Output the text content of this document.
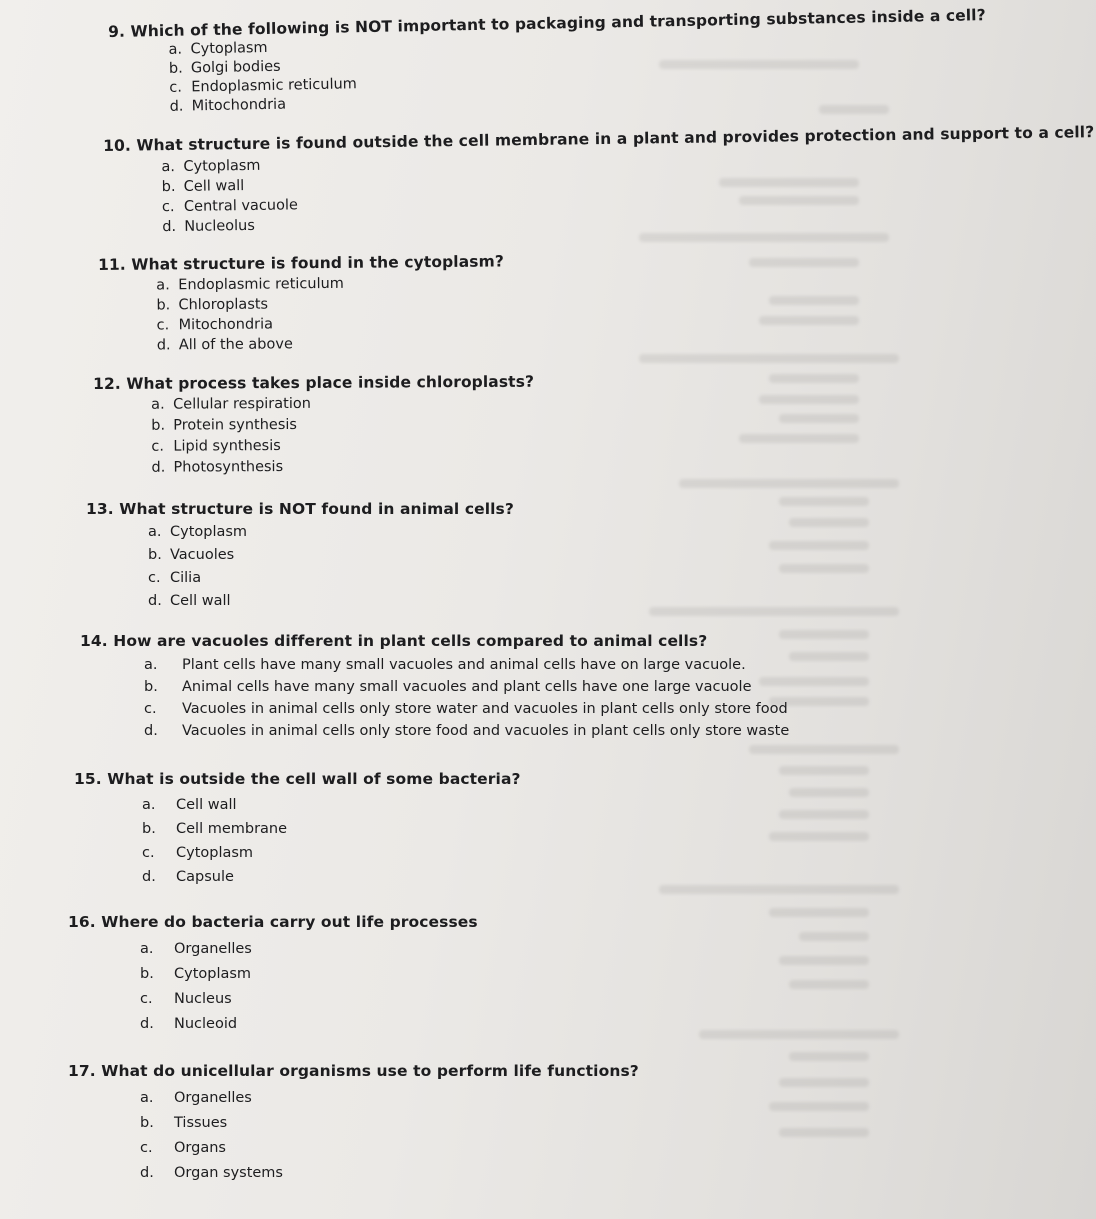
9. Which of the following is NOT important to packaging and transporting substances inside a cell?
a. Cytoplasm
b. Golgi bodies
c. Endoplasmic reticulum
d. Mitochondria
10. What structure is found outside the cell membrane in a plant and provides protection and support to a cell?
a. Cytoplasm
b. Cell wall
c. Central vacuole
d. Nucleolus
11. What structure is found in the cytoplasm?
a. Endoplasmic reticulum
b. Chloroplasts
c. Mitochondria
d. All of the above
12. What process takes place inside chloroplasts?
a. Cellular respiration
b. Protein synthesis
c. Lipid synthesis
d. Photosynthesis
13. What structure is NOT found in animal cells?
a. Cytoplasm
b. Vacuoles
c. Cilia
d. Cell wall
14. How are vacuoles different in plant cells compared to animal cells?
a.	Plant cells have many small vacuoles and animal cells have on large vacuole.
b.	Animal cells have many small vacuoles and plant cells have one large vacuole
c.	Vacuoles in animal cells only store water and vacuoles in plant cells only store food
d.	Vacuoles in animal cells only store food and vacuoles in plant cells only store waste
15. What is outside the cell wall of some bacteria?
a.	Cell wall
b.	Cell membrane
c.	Cytoplasm
d.	Capsule
16. Where do bacteria carry out life processes
a.	Organelles
b.	Cytoplasm
c.	Nucleus
d.	Nucleoid
17. What do unicellular organisms use to perform life functions?
a.	Organelles
b.	Tissues
c.	Organs
d.	Organ systems
